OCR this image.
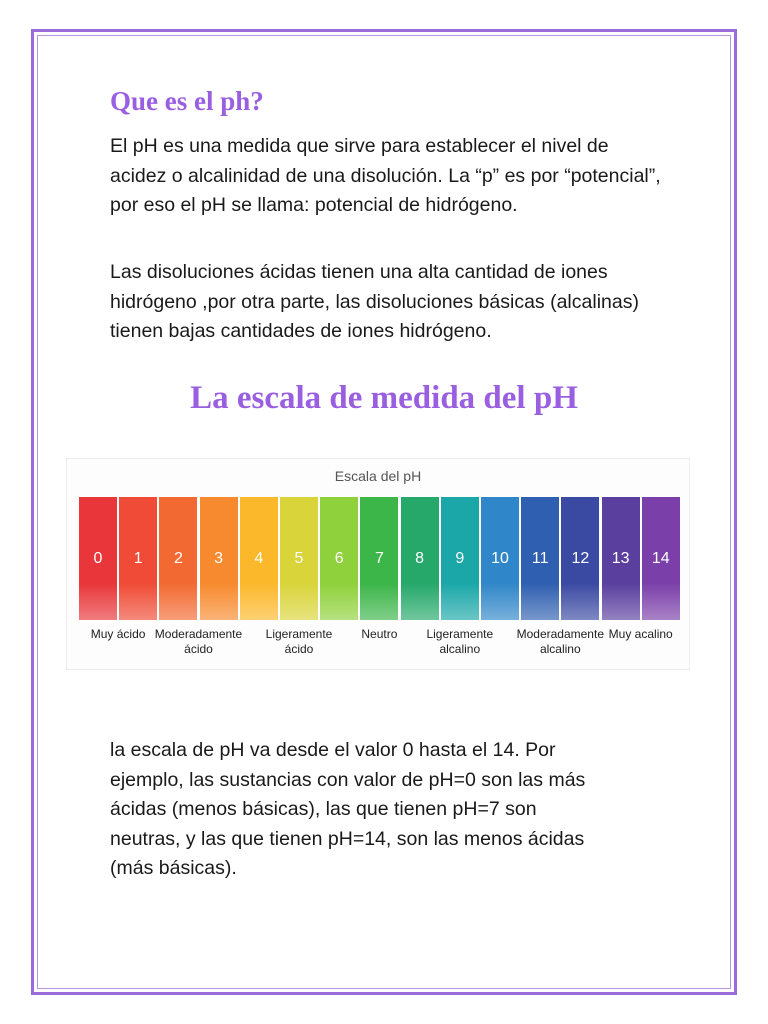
Que es el ph?

El pH es una medida que sirve para establecer el nivel de acidez o alcalinidad de una disolución. La “p” es por “potencial”, por eso el pH se llama: potencial de hidrógeno.

Las disoluciones ácidas tienen una alta cantidad de iones hidrógeno ,por otra parte, las disoluciones básicas (alcalinas) tienen bajas cantidades de iones hidrógeno.

La escala de medida del pH
Escala del pH
0	1	2	3	4	5	6	7	8	9	10	11	12	13	14
Muy ácido Moderadamente
ácido
Ligeramente
ácido
Neutro Ligeramente
alcalino
Moderadamente
alcalino
Muy acalino

la escala de pH va desde el valor 0 hasta el 14. Por ejemplo, las sustancias con valor de pH=0 son las más ácidas (menos básicas), las que tienen pH=7 son neutras, y las que tienen pH=14, son las menos ácidas (más básicas).
